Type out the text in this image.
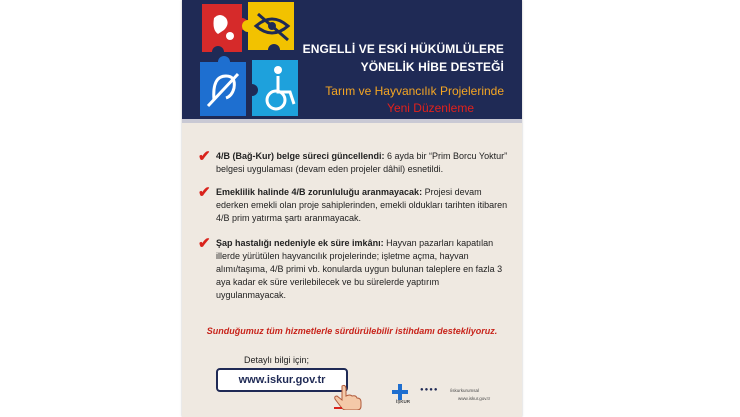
ENGELLİ VE ESKİ HÜKÜMLÜLERE
YÖNELİK HİBE DESTEĞİ
Tarım ve Hayvancılık Projelerinde
Yeni Düzenleme
✔ 4/B (Bağ-Kur) belge süreci güncellendi: 6 ayda bir “Prim Borcu Yoktur” belgesi uygulaması (devam eden projeler dâhil) esnetildi.
✔ Emeklilik halinde 4/B zorunluluğu aranmayacak: Projesi devam ederken emekli olan proje sahiplerinden, emekli oldukları tarihten itibaren 4/B prim yatırma şartı aranmayacak.
✔ Şap hastalığı nedeniyle ek süre imkânı: Hayvan pazarları kapatılan illerde yürütülen hayvancılık projelerinde; işletme açma, hayvan alımı/taşıma, 4/B primi vb. konularda uygun bulunan taleplere en fazla 3 aya kadar ek süre verilebilecek ve bu sürelerde yaptırım uygulanmayacak.
Sunduğumuz tüm hizmetlerle sürdürülebilir istihdamı destekliyoruz.
Detaylı bilgi için;
www.iskur.gov.tr
İŞKUR
●●●●	/iskurkurumsal
www.iskur.gov.tr
